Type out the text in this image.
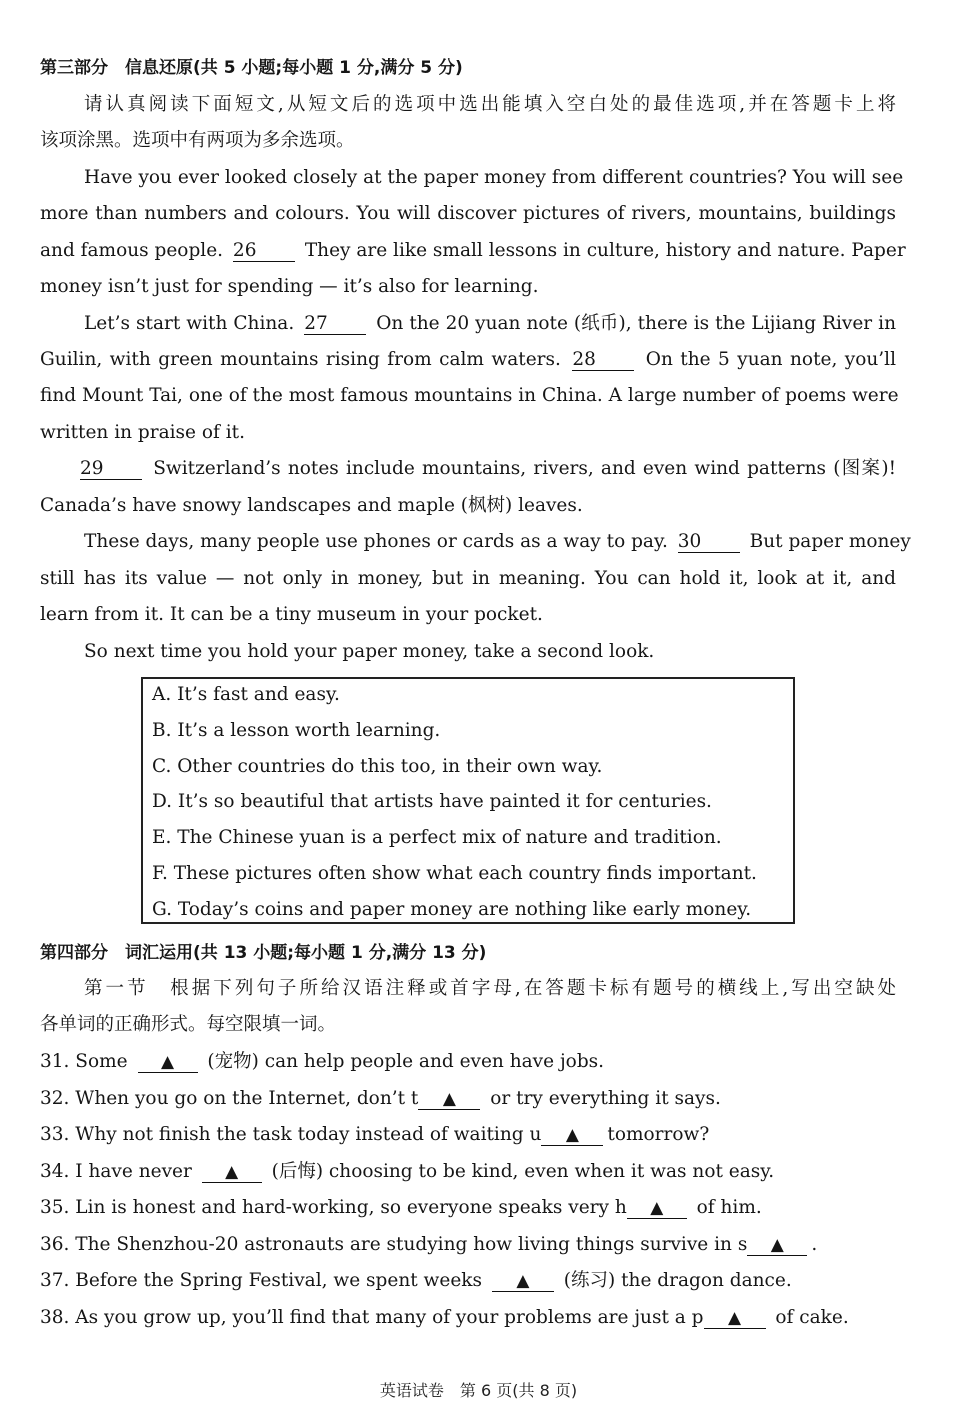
第三部分　信息还原(共 5 小题;每小题 1 分,满分 5 分)
请认真阅读下面短文,从短文后的选项中选出能填入空白处的最佳选项,并在答题卡上将
该项涂黑。选项中有两项为多余选项。
Have you ever looked closely at the paper money from different countries? You will see
more than numbers and colours. You will discover pictures of rivers, mountains, buildings
and famous people. 26	They are like small lessons in culture, history and nature. Paper
money isn’t just for spending — it’s also for learning.
Let’s start with China. 27	On the 20 yuan note (纸币), there is the Lijiang River in
Guilin, with green mountains rising from calm waters. 28	On the 5 yuan note, you’ll
find Mount Tai, one of the most famous mountains in China. A large number of poems were
written in praise of it.
29	Switzerland’s notes include mountains, rivers, and even wind patterns (图案)!
Canada’s have snowy landscapes and maple (枫树) leaves.
These days, many people use phones or cards as a way to pay. 30	But paper money
still has its value — not only in money, but in meaning. You can hold it, look at it, and
learn from it. It can be a tiny museum in your pocket.
So next time you hold your paper money, take a second look.
A. It’s fast and easy.
B. It’s a lesson worth learning.
C. Other countries do this too, in their own way.
D. It’s so beautiful that artists have painted it for centuries.
E. The Chinese yuan is a perfect mix of nature and tradition.
F. These pictures often show what each country finds important.
G. Today’s coins and paper money are nothing like early money.
第四部分　词汇运用(共 13 小题;每小题 1 分,满分 13 分)
第一节　根据下列句子所给汉语注释或首字母,在答题卡标有题号的横线上,写出空缺处
各单词的正确形式。每空限填一词。
31. Some ▲ (宠物) can help people and even have jobs.
32. When you go on the Internet, don’t t ▲ or try everything it says.
33. Why not finish the task today instead of waiting u ▲ tomorrow?
34. I have never ▲ (后悔) choosing to be kind, even when it was not easy.
35. Lin is honest and hard-working, so everyone speaks very h ▲ of him.
36. The Shenzhou-20 astronauts are studying how living things survive in s ▲ .
37. Before the Spring Festival, we spent weeks ▲ (练习) the dragon dance.
38. As you grow up, you’ll find that many of your problems are just a p ▲ of cake.
英语试卷　第 6 页(共 8 页)
